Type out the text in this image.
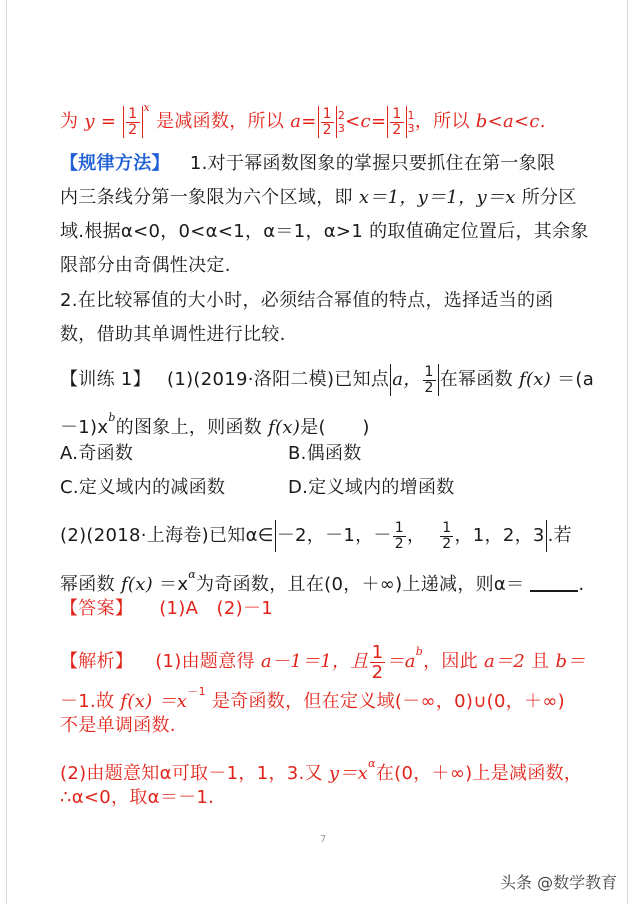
为 $y = \frac{1}{2} ^x$ 是减函数，所以 $a= \frac{1}{2} 2$
$3 <c= \frac{1}{2} 1$
3 ，所以 b<a<c.
【规律方法】 1.对于幂函数图象的掌握只要抓住在第一象限
内三条线分第一象限为六个区域，即 x＝1，y＝1，y＝x 所分区
域.根据α<0，0<α<1，α＝1，α>1 的取值确定位置后，其余象
限部分由奇偶性决定.
2.在比较幂值的大小时，必须结合幂值的特点，选择适当的函
数，借助其单调性进行比较.
【训练 1】 (1)(2019·洛阳二模)已知点 a， $\frac{1}{2}$ 在幂函数 f(x) ＝(a
$-1)x^b$的图象上，则函数 f(x)是(　　)
A.奇函数	B.偶函数
C.定义域内的减函数	D.定义域内的增函数
(2)(2018·上海卷)已知α∈ －2，－1，－ $\frac{1}{2}$ ， $\frac{1}{2}$ ，1，2，3 .若
幂函数 $f(x) =x^\alpha$为奇函数，且在(0，＋∞)上递减，则α＝	.
【答案】 (1)A　(2)－1
【解析】 (1)由题意得 a－1＝1，且 $\frac{1}{2} =a^b$，因此 a＝2 且 b＝
－1.故 $f(x) =x^{-1}$ 是奇函数，但在定义域(－∞，0)∪(0，＋∞)
不是单调函数.
(2)由题意知α可取－1，1，3.又 $y=x^\alpha$在(0，＋∞)上是减函数，
∴α<0，取α＝－1.
7
头条 @数学教育
